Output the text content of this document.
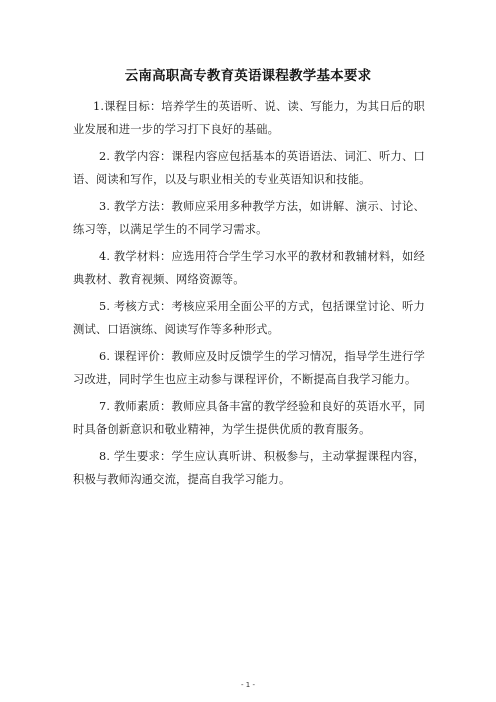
云南高职高专教育英语课程教学基本要求

1.课程目标：培养学生的英语听、说、读、写能力，为其日后的职业发展和进一步的学习打下良好的基础。

2. 教学内容：课程内容应包括基本的英语语法、词汇、听力、口语、阅读和写作，以及与职业相关的专业英语知识和技能。

3. 教学方法：教师应采用多种教学方法，如讲解、演示、讨论、练习等，以满足学生的不同学习需求。

4. 教学材料：应选用符合学生学习水平的教材和教辅材料，如经典教材、教育视频、网络资源等。

5. 考核方式：考核应采用全面公平的方式，包括课堂讨论、听力测试、口语演练、阅读写作等多种形式。

6. 课程评价：教师应及时反馈学生的学习情况，指导学生进行学习改进，同时学生也应主动参与课程评价，不断提高自我学习能力。

7. 教师素质：教师应具备丰富的教学经验和良好的英语水平，同时具备创新意识和敬业精神，为学生提供优质的教育服务。

8. 学生要求：学生应认真听讲、积极参与，主动掌握课程内容，积极与教师沟通交流，提高自我学习能力。

- 1 -
